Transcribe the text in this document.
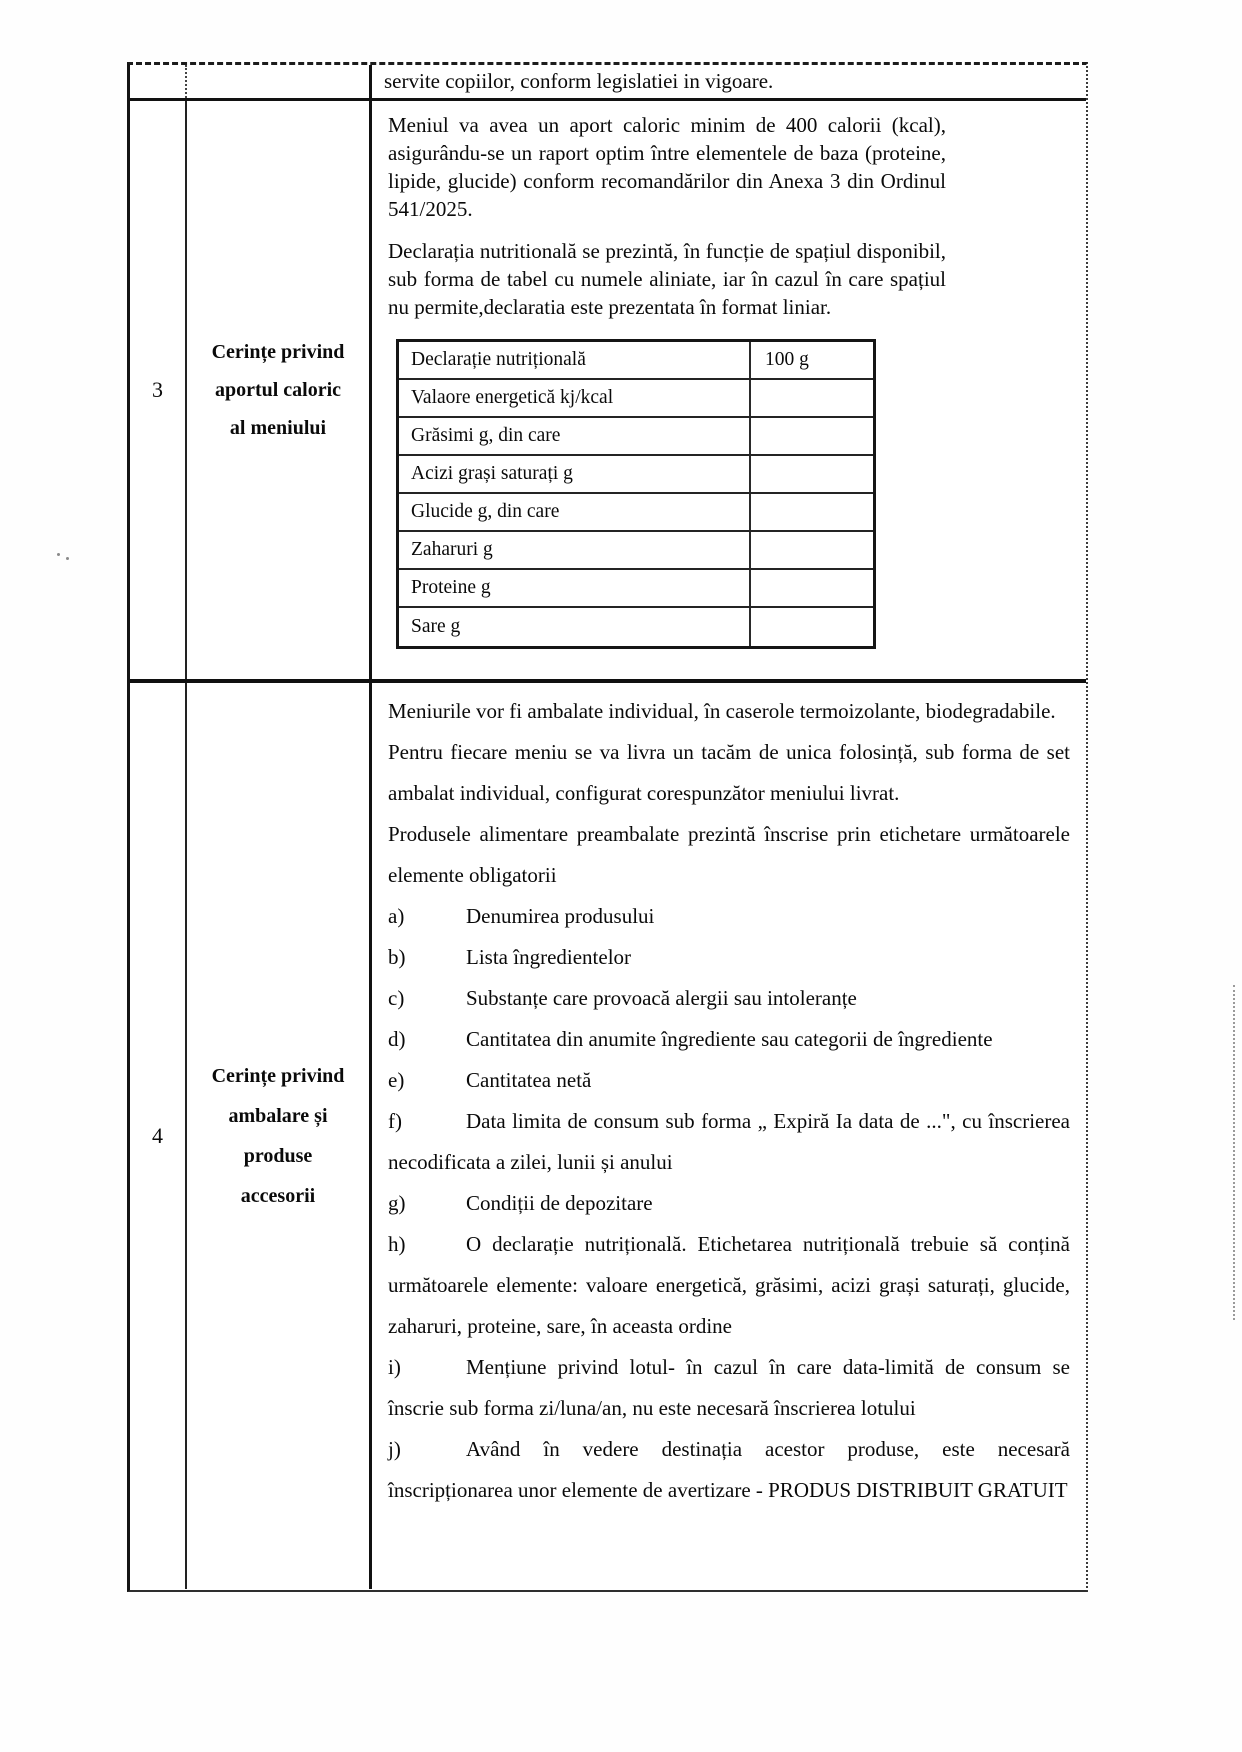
servite copiilor, conform legislatiei in vigoare.
3
Cerințe privind
aportul caloric
al meniului

Meniul va avea un aport caloric minim de 400 calorii (kcal), asigurându-se un raport optim între elementele de baza (proteine, lipide, glucide) conform recomandărilor din Anexa 3 din Ordinul 541/2025.

Declarația nutritională se prezintă, în funcție de spațiul disponibil, sub forma de tabel cu numele aliniate, iar în cazul în care spațiul nu permite,declaratia este prezentata în format liniar.

Declarație nutrițională	100 g
Valaore energetică kj/kcal
Grăsimi g, din care
Acizi grași saturați g
Glucide g, din care
Zaharuri g
Proteine g
Sare g
4
Cerințe privind
ambalare și
produse
accesorii

Meniurile vor fi ambalate individual, în caserole termoizolante, biodegradabile.

Pentru fiecare meniu se va livra un tacăm de unica folosință, sub forma de set ambalat individual, configurat corespunzător meniului livrat.

Produsele alimentare preambalate prezintă înscrise prin etichetare următoarele elemente obligatorii

a)	Denumirea produsului
b)	Lista îngredientelor
c)	Substanțe care provoacă alergii sau intoleranțe
d)	Cantitatea din anumite îngrediente sau categorii de îngrediente
e)	Cantitatea netă
f)	Data limita de consum sub forma „ Expiră Ia data de ...", cu înscrierea necodificata a zilei, lunii și anului
g)	Condiții de depozitare
h)	O declarație nutrițională. Etichetarea nutrițională trebuie să conțină următoarele elemente: valoare energetică, grăsimi, acizi grași saturați, glucide, zaharuri, proteine, sare, în aceasta ordine
i)	Mențiune privind lotul- în cazul în care data-limită de consum se înscrie sub forma zi/luna/an, nu este necesară înscrierea lotului
j)	Având în vedere destinația acestor produse, este necesară înscripționarea unor elemente de avertizare - PRODUS DISTRIBUIT GRATUIT
